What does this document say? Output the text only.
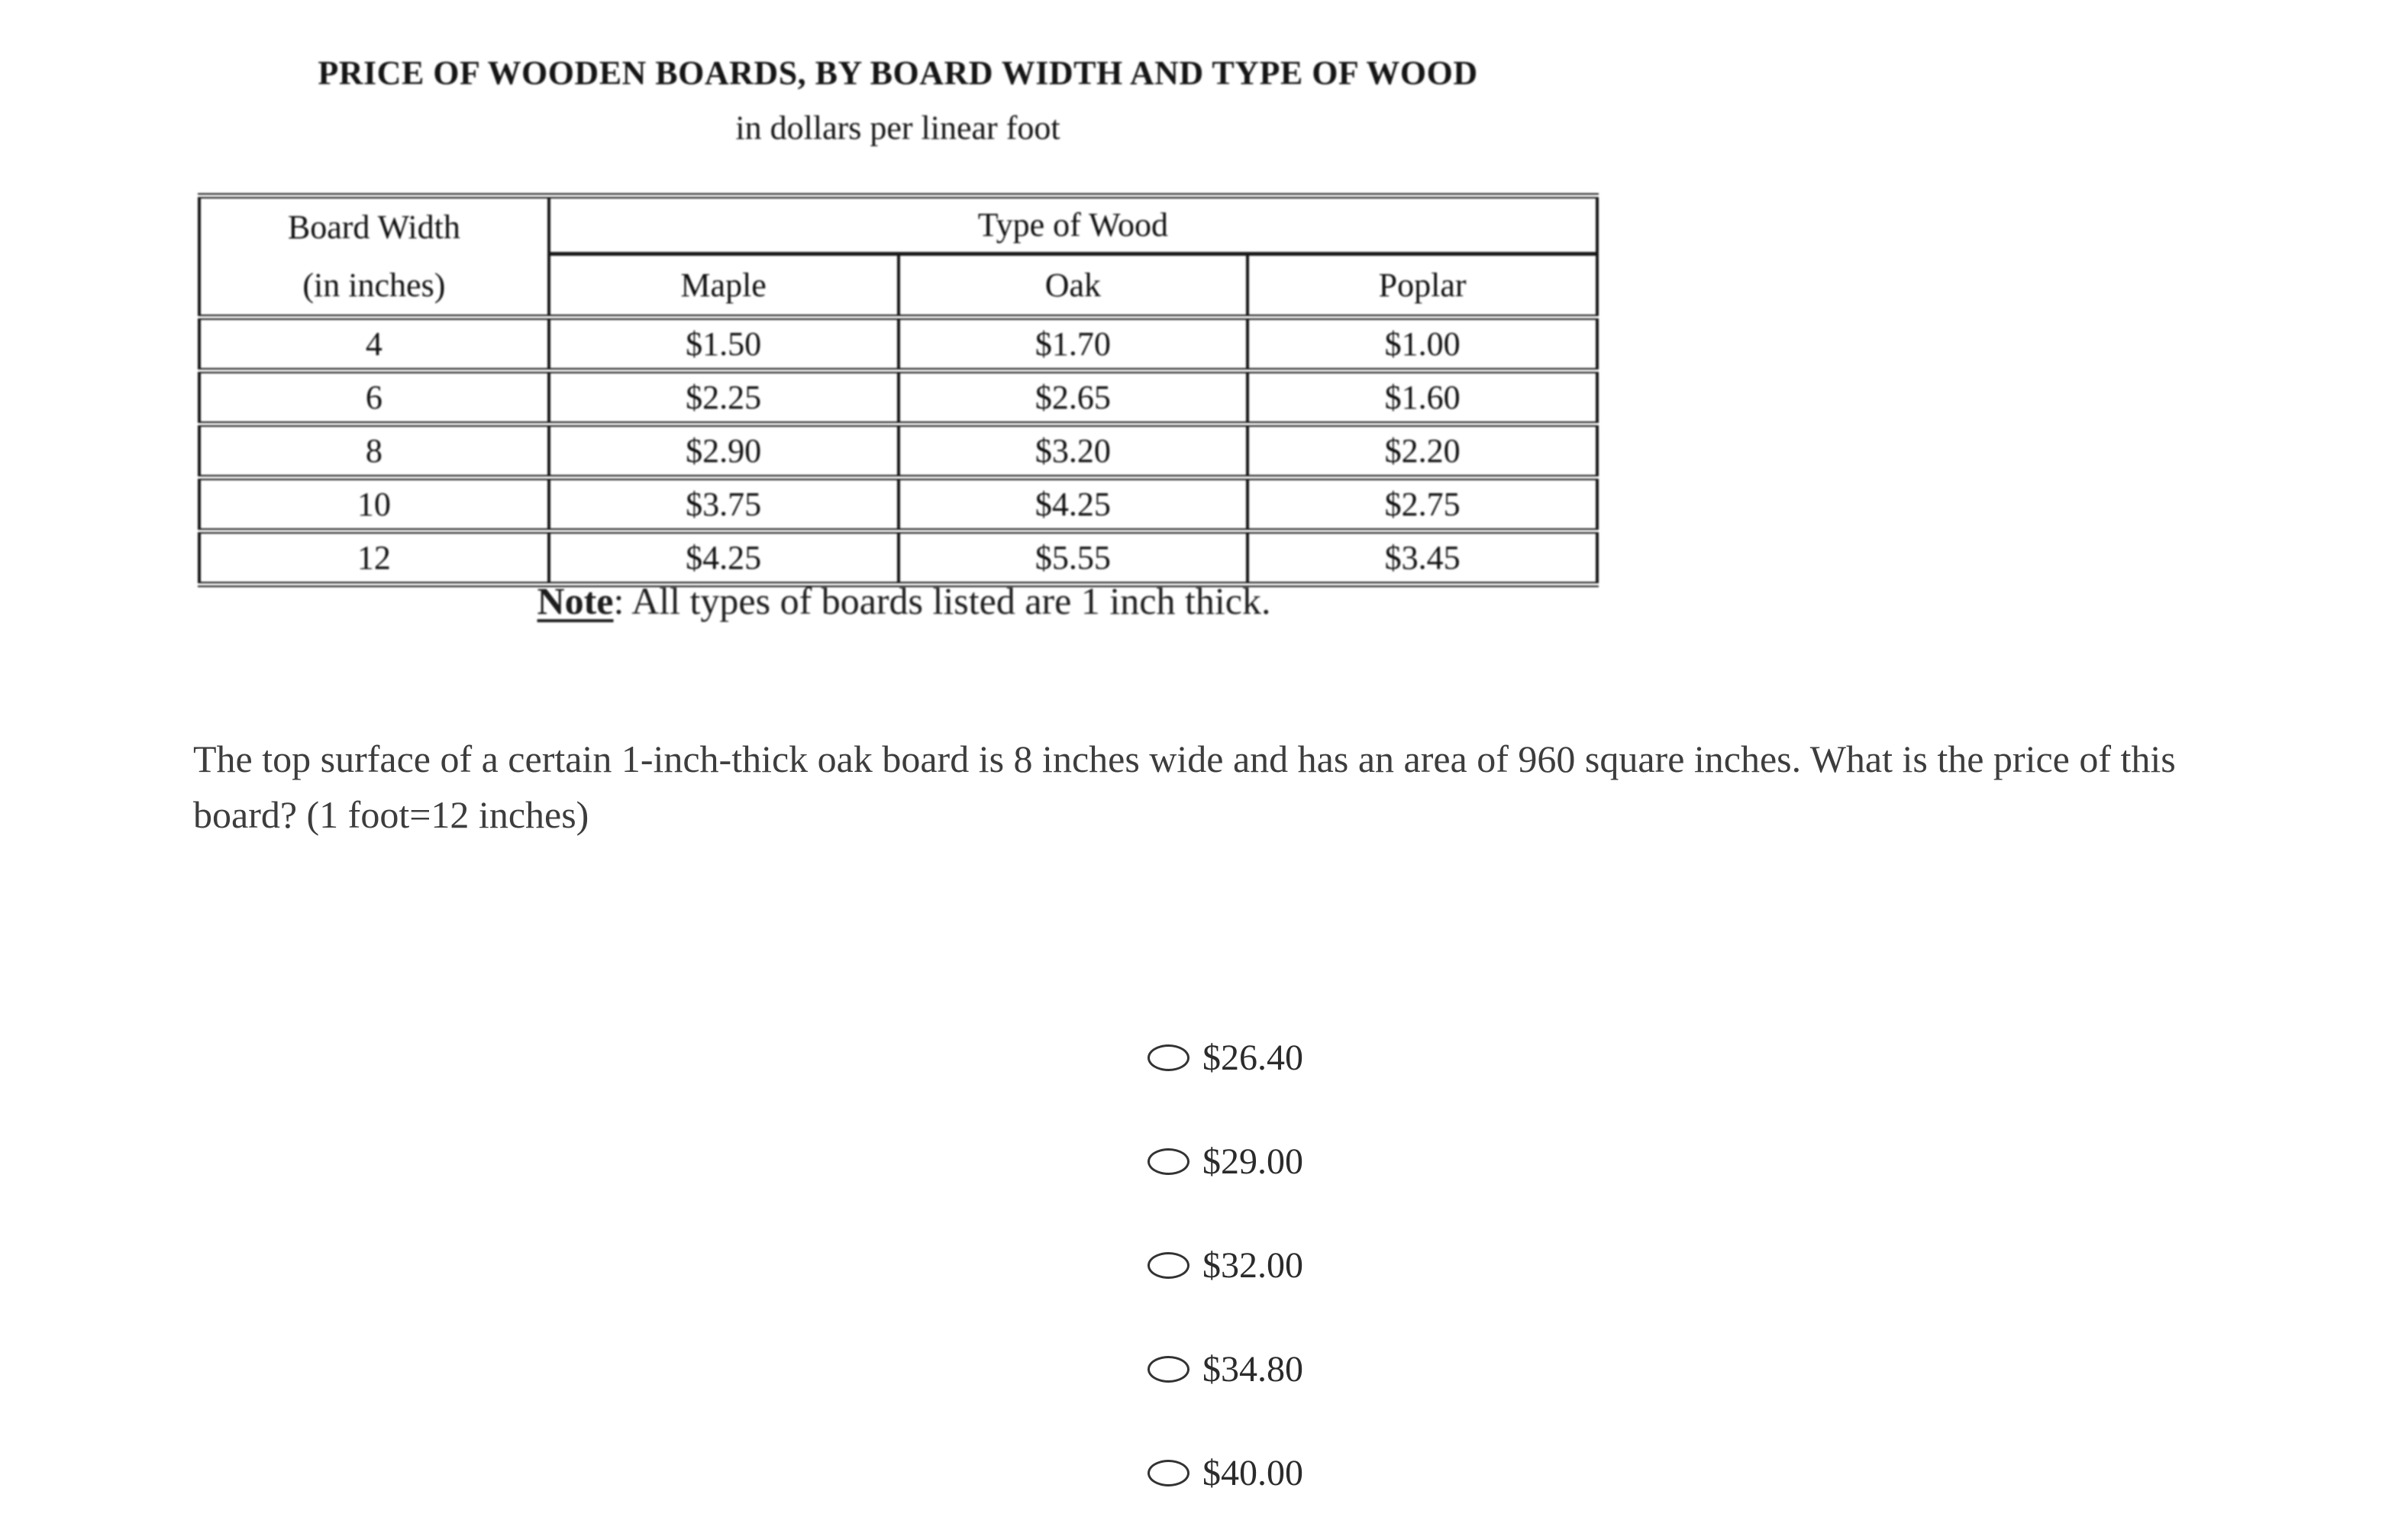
PRICE OF WOODEN BOARDS, BY BOARD WIDTH AND TYPE OF WOOD
in dollars per linear foot
Board Width
(in inches)	Type of Wood		
	Maple	Oak	Poplar
4	$1.50	$1.70	$1.00
6	$2.25	$2.65	$1.60
8	$2.90	$3.20	$2.20
10	$3.75	$4.25	$2.75
12	$4.25	$5.55	$3.45
Note: All types of boards listed are 1 inch thick.
The top surface of a certain 1-inch-thick oak board is 8 inches wide and has an area of 960 square inches. What is the price of this
board? (1 foot=12 inches)
$26.40
$29.00
$32.00
$34.80
$40.00
